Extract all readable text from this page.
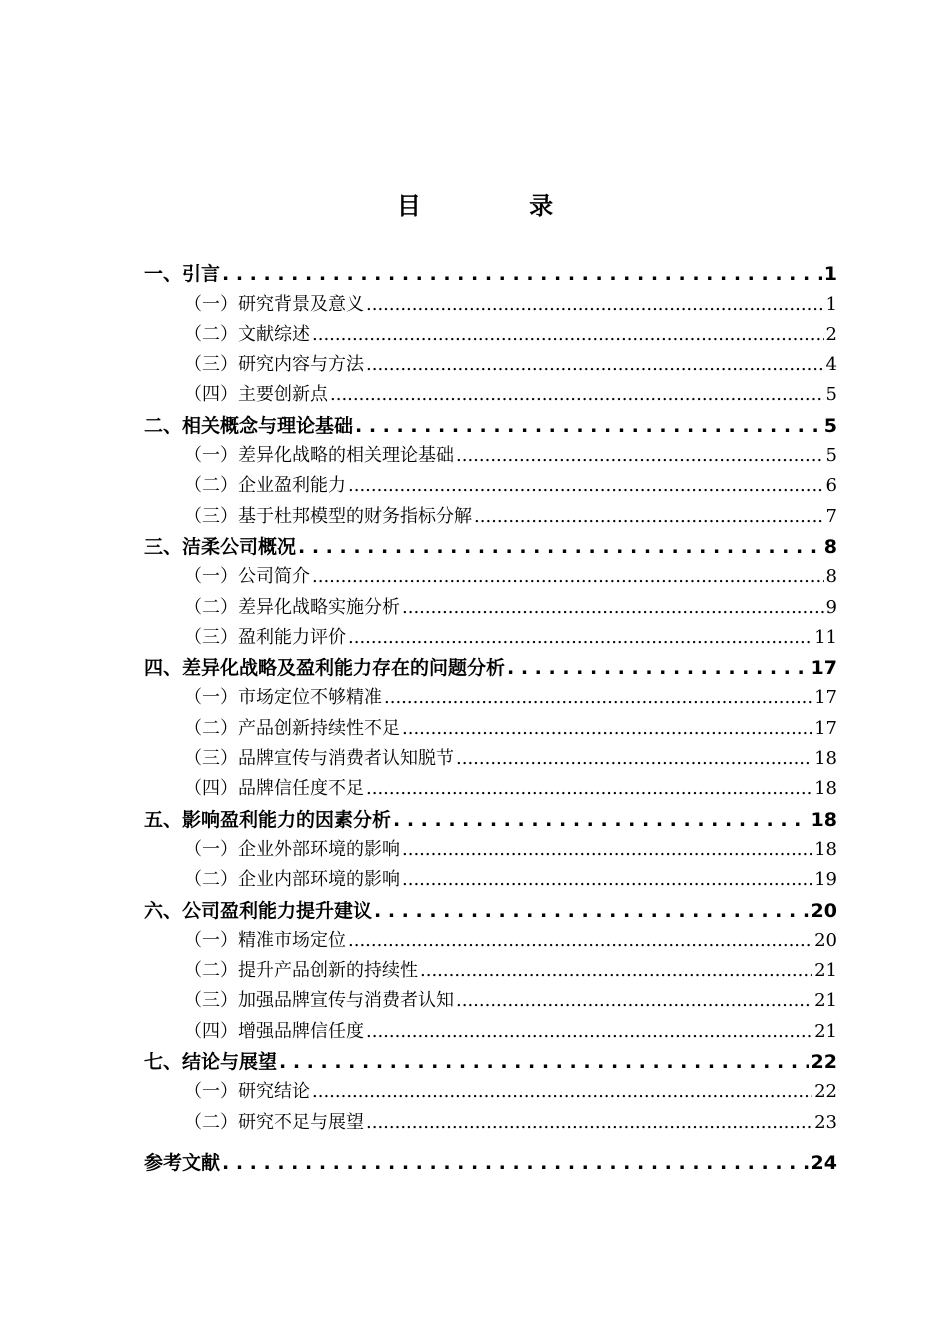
目 录
一、引言 . . .	1
（一）研究背景及意义 .....	1
（二）文献综述 .....	2
（三）研究内容与方法 .....	4
（四）主要创新点 .....	5
二、相关概念与理论基础 . . .	5
（一）差异化战略的相关理论基础 .....	5
（二）企业盈利能力 .....	6
（三）基于杜邦模型的财务指标分解 .....	7
三、洁柔公司概况 . . .	8
（一）公司简介 .....	8
（二）差异化战略实施分析 .....	9
（三）盈利能力评价 .....	11
四、差异化战略及盈利能力存在的问题分析 . . .	17
（一）市场定位不够精准 .....	17
（二）产品创新持续性不足 .....	17
（三）品牌宣传与消费者认知脱节 .....	18
（四）品牌信任度不足 .....	18
五、影响盈利能力的因素分析 . . .	18
（一）企业外部环境的影响 .....	18
（二）企业内部环境的影响 .....	19
六、公司盈利能力提升建议 . . .	20
（一）精准市场定位 .....	20
（二）提升产品创新的持续性 .....	21
（三）加强品牌宣传与消费者认知 .....	21
（四）增强品牌信任度 .....	21
七、结论与展望 . . .	22
（一）研究结论 .....	22
（二）研究不足与展望 .....	23
参考文献 . . .	24
